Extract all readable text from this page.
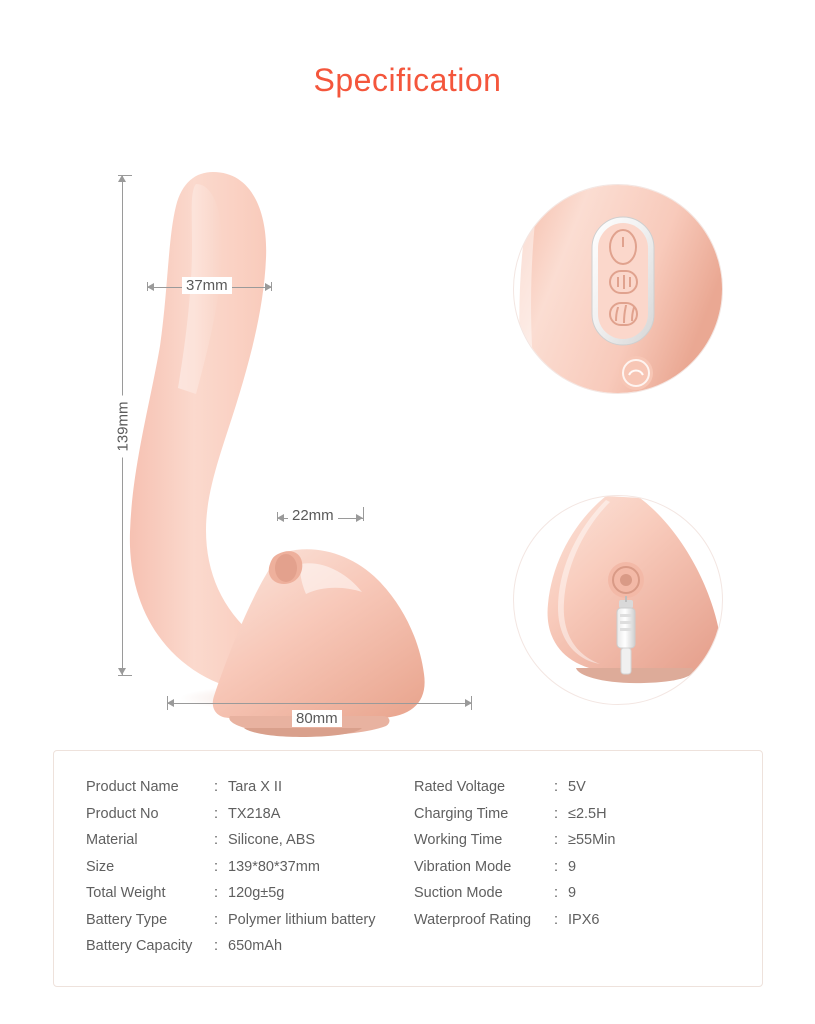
Specification
37mm
139mm
22mm
80mm
Product Name	: Tara X II
Product No	: TX218A
Material	: Silicone, ABS
Size	: 139*80*37mm
Total Weight	: 120g±5g
Battery Type	: Polymer lithium battery
Battery Capacity	: 650mAh
Rated Voltage	: 5V
Charging Time	: ≤2.5H
Working Time	: ≥55Min
Vibration Mode	: 9
Suction Mode	: 9
Waterproof Rating	: IPX6
